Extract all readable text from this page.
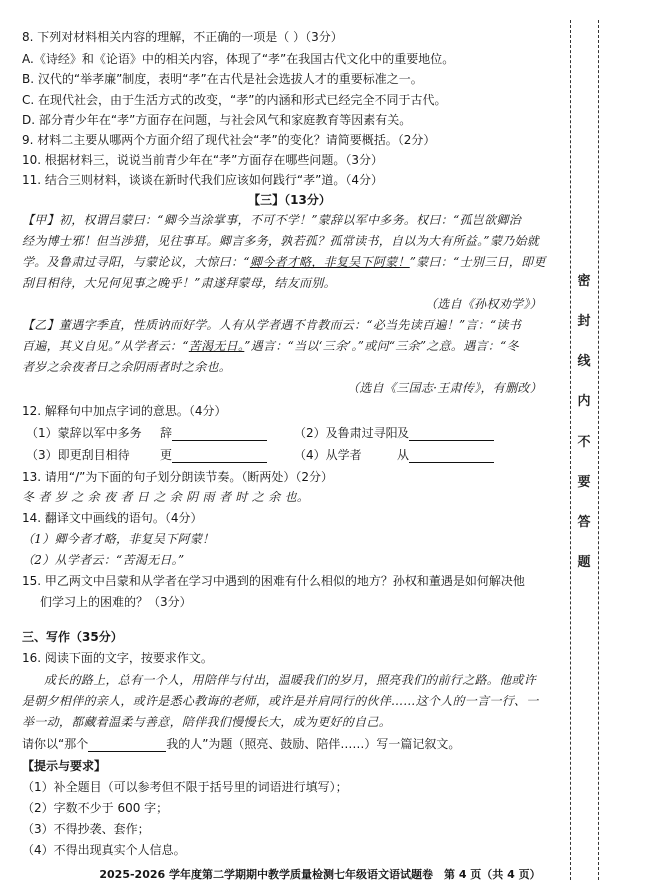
8. 下列对材料相关内容的理解，不正确的一项是（ ）（3分）
A.《诗经》和《论语》中的相关内容，体现了“孝”在我国古代文化中的重要地位。
B. 汉代的“举孝廉”制度，表明“孝”在古代是社会选拔人才的重要标准之一。
C. 在现代社会，由于生活方式的改变，“孝”的内涵和形式已经完全不同于古代。
D. 部分青少年在“孝”方面存在问题，与社会风气和家庭教育等因素有关。
9. 材料二主要从哪两个方面介绍了现代社会“孝”的变化？请简要概括。（2分）
10. 根据材料三，说说当前青少年在“孝”方面存在哪些问题。（3分）
11. 结合三则材料，谈谈在新时代我们应该如何践行“孝”道。（4分）
【三】（13分）
【甲】初，权谓吕蒙曰：“卿今当涂掌事，不可不学！”蒙辞以军中多务。权曰：“孤岂欲卿治
经为博士邪！但当涉猎，见往事耳。卿言多务，孰若孤？孤常读书，自以为大有所益。”蒙乃始就
学。及鲁肃过寻阳，与蒙论议，大惊曰：“卿今者才略，非复吴下阿蒙！”蒙曰：“士别三日，即更
刮目相待，大兄何见事之晚乎！”肃遂拜蒙母，结友而别。
（选自《孙权劝学》）
【乙】董遇字季直，性质讷而好学。人有从学者遇不肯教而云：“必当先读百遍！”言：“读书
百遍，其义自见。”从学者云：“苦渴无日。”遇言：“当以‘三余’。”或问“三余”之意。遇言：“冬
者岁之余夜者日之余阴雨者时之余也。
（选自《三国志·王肃传》，有删改）
12. 解释句中加点字词的意思。（4分）
（1）蒙辞以军中多务 辞	（2）及鲁肃过寻阳 及
（3）即更刮目相待	更	（4）从学者	从
13. 请用“/”为下面的句子划分朗读节奏。（断两处）（2分）
冬 者 岁 之 余 夜 者 日 之 余 阴 雨 者 时 之 余 也。
14. 翻译文中画线的语句。（4分）
（1）卿今者才略，非复吴下阿蒙！
（2）从学者云：“苦渴无日。”
15. 甲乙两文中吕蒙和从学者在学习中遇到的困难有什么相似的地方？孙权和董遇是如何解决他
们学习上的困难的？（3分）
三、写作（35分）
16. 阅读下面的文字，按要求作文。
成长的路上，总有一个人，用陪伴与付出，温暖我们的岁月，照亮我们的前行之路。他或许
是朝夕相伴的亲人，或许是悉心教诲的老师，或许是并肩同行的伙伴……这个人的一言一行、一
举一动，都藏着温柔与善意，陪伴我们慢慢长大，成为更好的自己。
请你以“那个	我的人”为题（照亮、鼓励、陪伴……）写一篇记叙文。
【提示与要求】
（1）补全题目（可以参考但不限于括号里的词语进行填写）；
（2）字数不少于 600 字；
（3）不得抄袭、套作；
（4）不得出现真实个人信息。
密
封
线
内
不
要
答
题
2025-2026 学年度第二学期期中教学质量检测七年级语文语试题卷　第 4 页（共 4 页）
